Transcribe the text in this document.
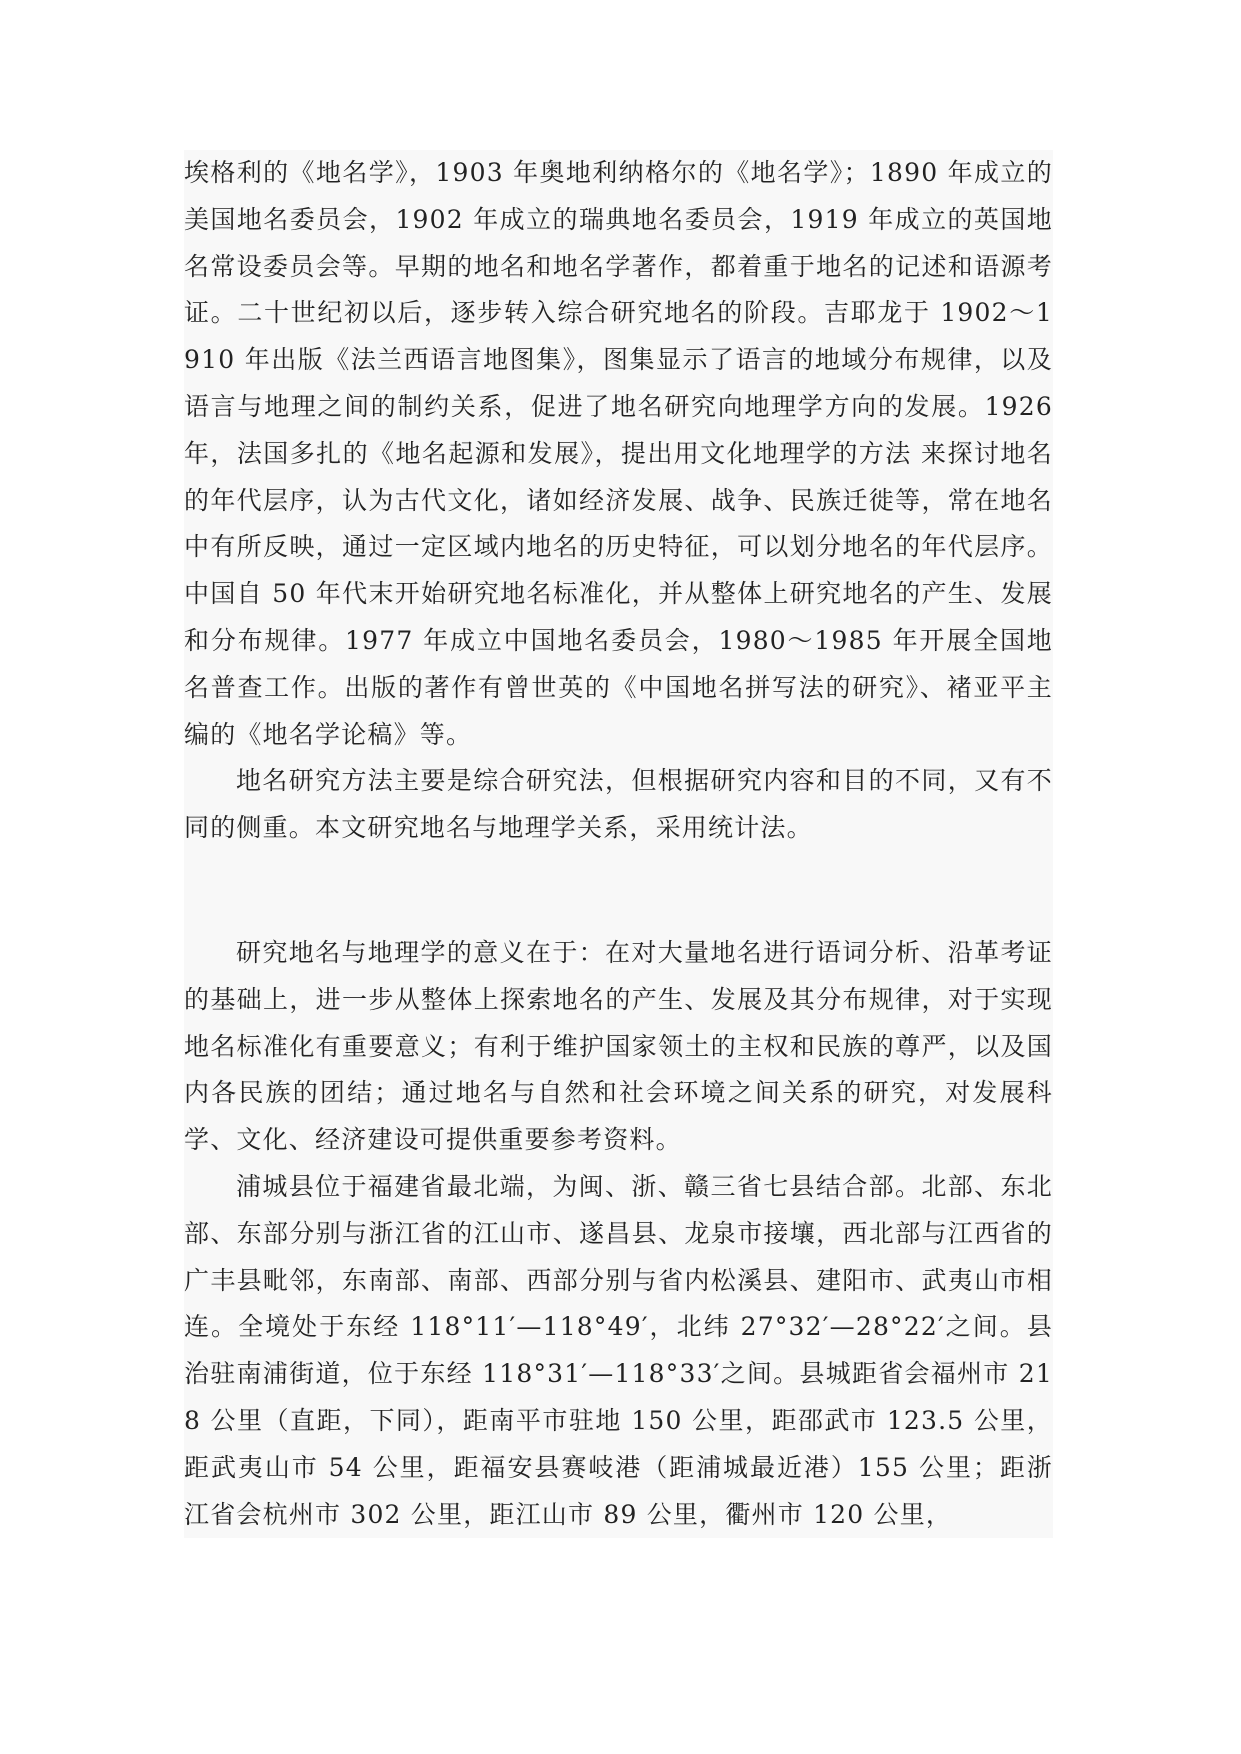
埃格利的《地名学》，1903 年奥地利纳格尔的《地名学》；1890 年成立的美国地名委员会，1902 年成立的瑞典地名委员会，1919 年成立的英国地名常设委员会等。早期的地名和地名学著作，都着重于地名的记述和语源考证。二十世纪初以后，逐步转入综合研究地名的阶段。吉耶龙于 1902～1910 年出版《法兰西语言地图集》，图集显示了语言的地域分布规律，以及语言与地理之间的制约关系，促进了地名研究向地理学方向的发展。1926 年，法国多扎的《地名起源和发展》，提出用文化地理学的方法 来探讨地名的年代层序，认为古代文化，诸如经济发展、战争、民族迁徙等，常在地名中有所反映，通过一定区域内地名的历史特征，可以划分地名的年代层序。中国自 50 年代末开始研究地名标准化，并从整体上研究地名的产生、发展和分布规律。1977 年成立中国地名委员会，1980～1985 年开展全国地名普查工作。出版的著作有曾世英的《中国地名拼写法的研究》、褚亚平主编的《地名学论稿》等。

地名研究方法主要是综合研究法，但根据研究内容和目的不同，又有不同的侧重。本文研究地名与地理学关系，采用统计法。

研究地名与地理学的意义在于：在对大量地名进行语词分析、沿革考证的基础上，进一步从整体上探索地名的产生、发展及其分布规律，对于实现地名标准化有重要意义；有利于维护国家领土的主权和民族的尊严，以及国内各民族的团结；通过地名与自然和社会环境之间关系的研究，对发展科学、文化、经济建设可提供重要参考资料。

浦城县位于福建省最北端，为闽、浙、赣三省七县结合部。北部、东北部、东部分别与浙江省的江山市、遂昌县、龙泉市接壤，西北部与江西省的广丰县毗邻，东南部、南部、西部分别与省内松溪县、建阳市、武夷山市相连。全境处于东经 118°11′—118°49′，北纬 27°32′—28°22′之间。县治驻南浦街道，位于东经 118°31′—118°33′之间。县城距省会福州市 218 公里（直距，下同），距南平市驻地 150 公里，距邵武市 123.5 公里，距武夷山市 54 公里，距福安县赛岐港（距浦城最近港）155 公里；距浙江省会杭州市 302 公里，距江山市 89 公里，衢州市 120 公里，
